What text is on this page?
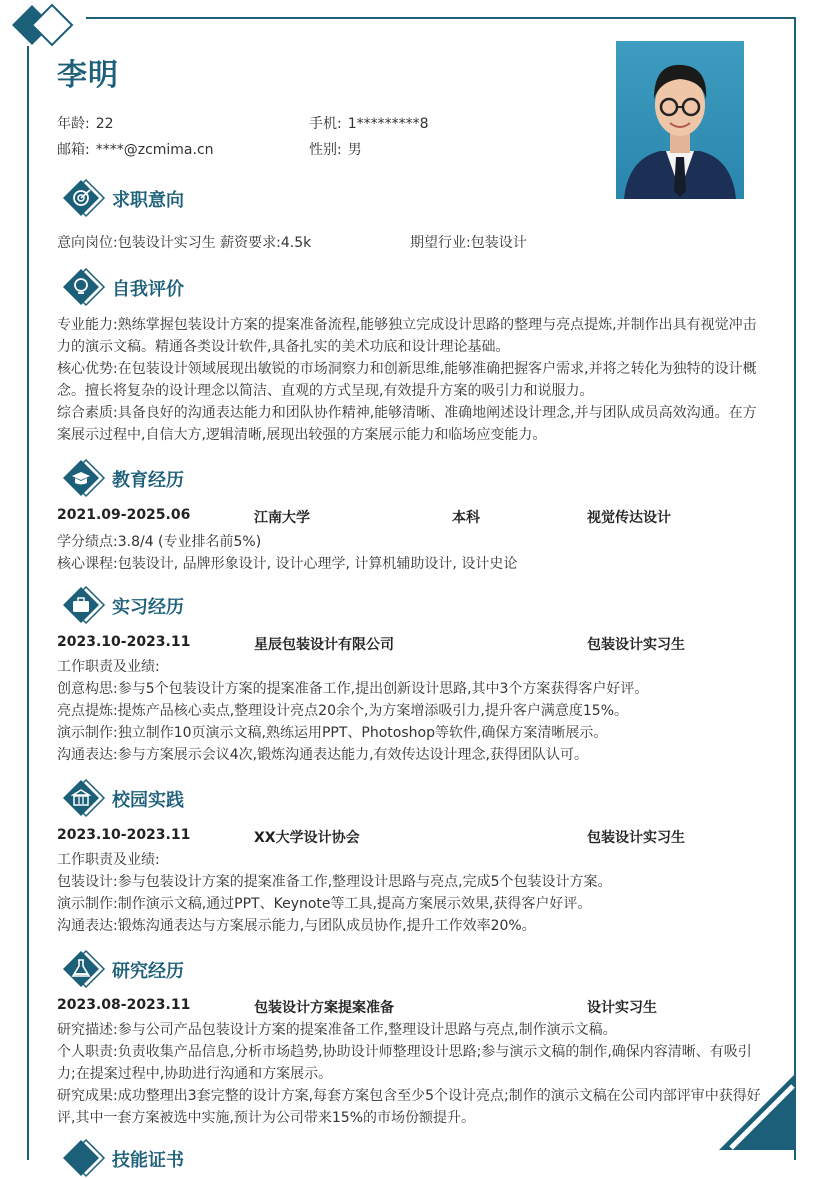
李明
年龄: 22	手机: 1*********8
邮箱: ****@zcmima.cn	性别: 男
求职意向
意向岗位:包装设计实习生 薪资要求:4.5k	期望行业:包装设计
自我评价
专业能力:熟练掌握包装设计方案的提案准备流程,能够独立完成设计思路的整理与亮点提炼,并制作出具有视觉冲击力的演示文稿。精通各类设计软件,具备扎实的美术功底和设计理论基础。
核心优势:在包装设计领域展现出敏锐的市场洞察力和创新思维,能够准确把握客户需求,并将之转化为独特的设计概念。擅长将复杂的设计理念以简洁、直观的方式呈现,有效提升方案的吸引力和说服力。
综合素质:具备良好的沟通表达能力和团队协作精神,能够清晰、准确地阐述设计理念,并与团队成员高效沟通。在方案展示过程中,自信大方,逻辑清晰,展现出较强的方案展示能力和临场应变能力。
教育经历
2021.09-2025.06	江南大学	本科	视觉传达设计
学分绩点:3.8/4 (专业排名前5%)
核心课程:包装设计, 品牌形象设计, 设计心理学, 计算机辅助设计, 设计史论
实习经历
2023.10-2023.11	星辰包装设计有限公司	包装设计实习生
工作职责及业绩:
创意构思:参与5个包装设计方案的提案准备工作,提出创新设计思路,其中3个方案获得客户好评。
亮点提炼:提炼产品核心卖点,整理设计亮点20余个,为方案增添吸引力,提升客户满意度15%。
演示制作:独立制作10页演示文稿,熟练运用PPT、Photoshop等软件,确保方案清晰展示。
沟通表达:参与方案展示会议4次,锻炼沟通表达能力,有效传达设计理念,获得团队认可。
校园实践
2023.10-2023.11	XX大学设计协会	包装设计实习生
工作职责及业绩:
包装设计:参与包装设计方案的提案准备工作,整理设计思路与亮点,完成5个包装设计方案。
演示制作:制作演示文稿,通过PPT、Keynote等工具,提高方案展示效果,获得客户好评。
沟通表达:锻炼沟通表达与方案展示能力,与团队成员协作,提升工作效率20%。
研究经历
2023.08-2023.11	包装设计方案提案准备	设计实习生
研究描述:参与公司产品包装设计方案的提案准备工作,整理设计思路与亮点,制作演示文稿。
个人职责:负责收集产品信息,分析市场趋势,协助设计师整理设计思路;参与演示文稿的制作,确保内容清晰、有吸引力;在提案过程中,协助进行沟通和方案展示。
研究成果:成功整理出3套完整的设计方案,每套方案包含至少5个设计亮点;制作的演示文稿在公司内部评审中获得好评,其中一套方案被选中实施,预计为公司带来15%的市场份额提升。
技能证书
